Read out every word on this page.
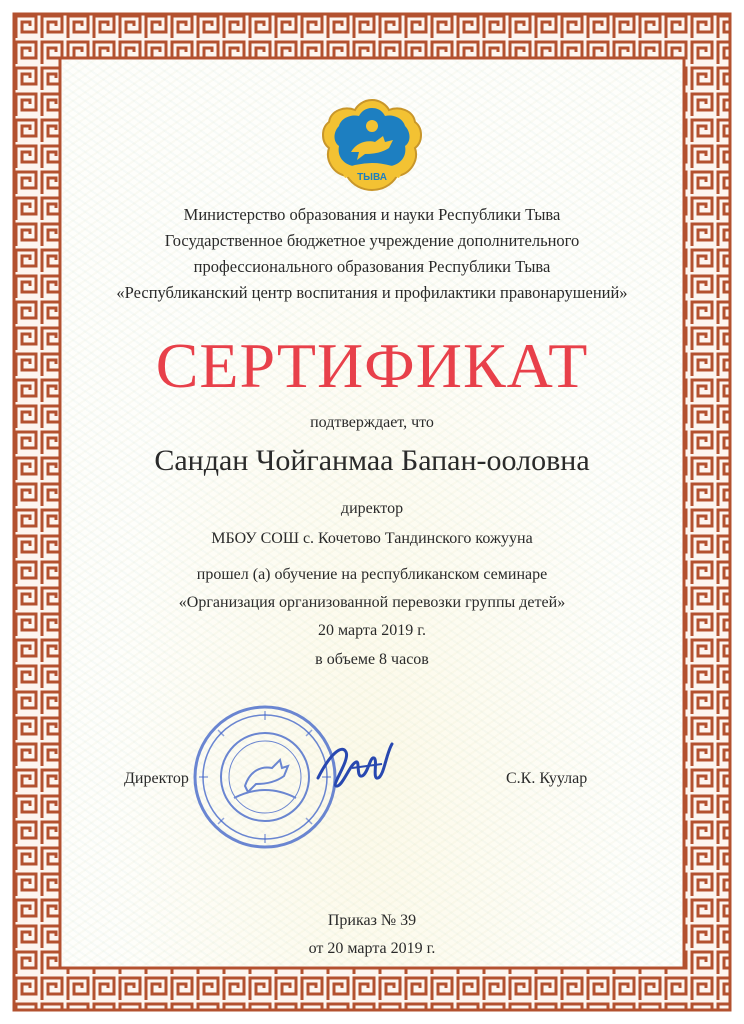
ТЫВА
Министерство образования и науки Республики Тыва
Государственное бюджетное учреждение дополнительного
профессионального образования Республики Тыва
«Республиканский центр воспитания и профилактики правонарушений»
СЕРТИФИКАТ
подтверждает, что
Сандан Чойганмаа Бапан-ооловна
директор
МБОУ СОШ с. Кочетово Тандинского кожууна
прошел (а) обучение на республиканском семинаре
«Организация организованной перевозки группы детей»
20 марта 2019 г.
в объеме 8 часов
Директор	С.К. Куулар
Приказ № 39
от 20 марта 2019 г.
